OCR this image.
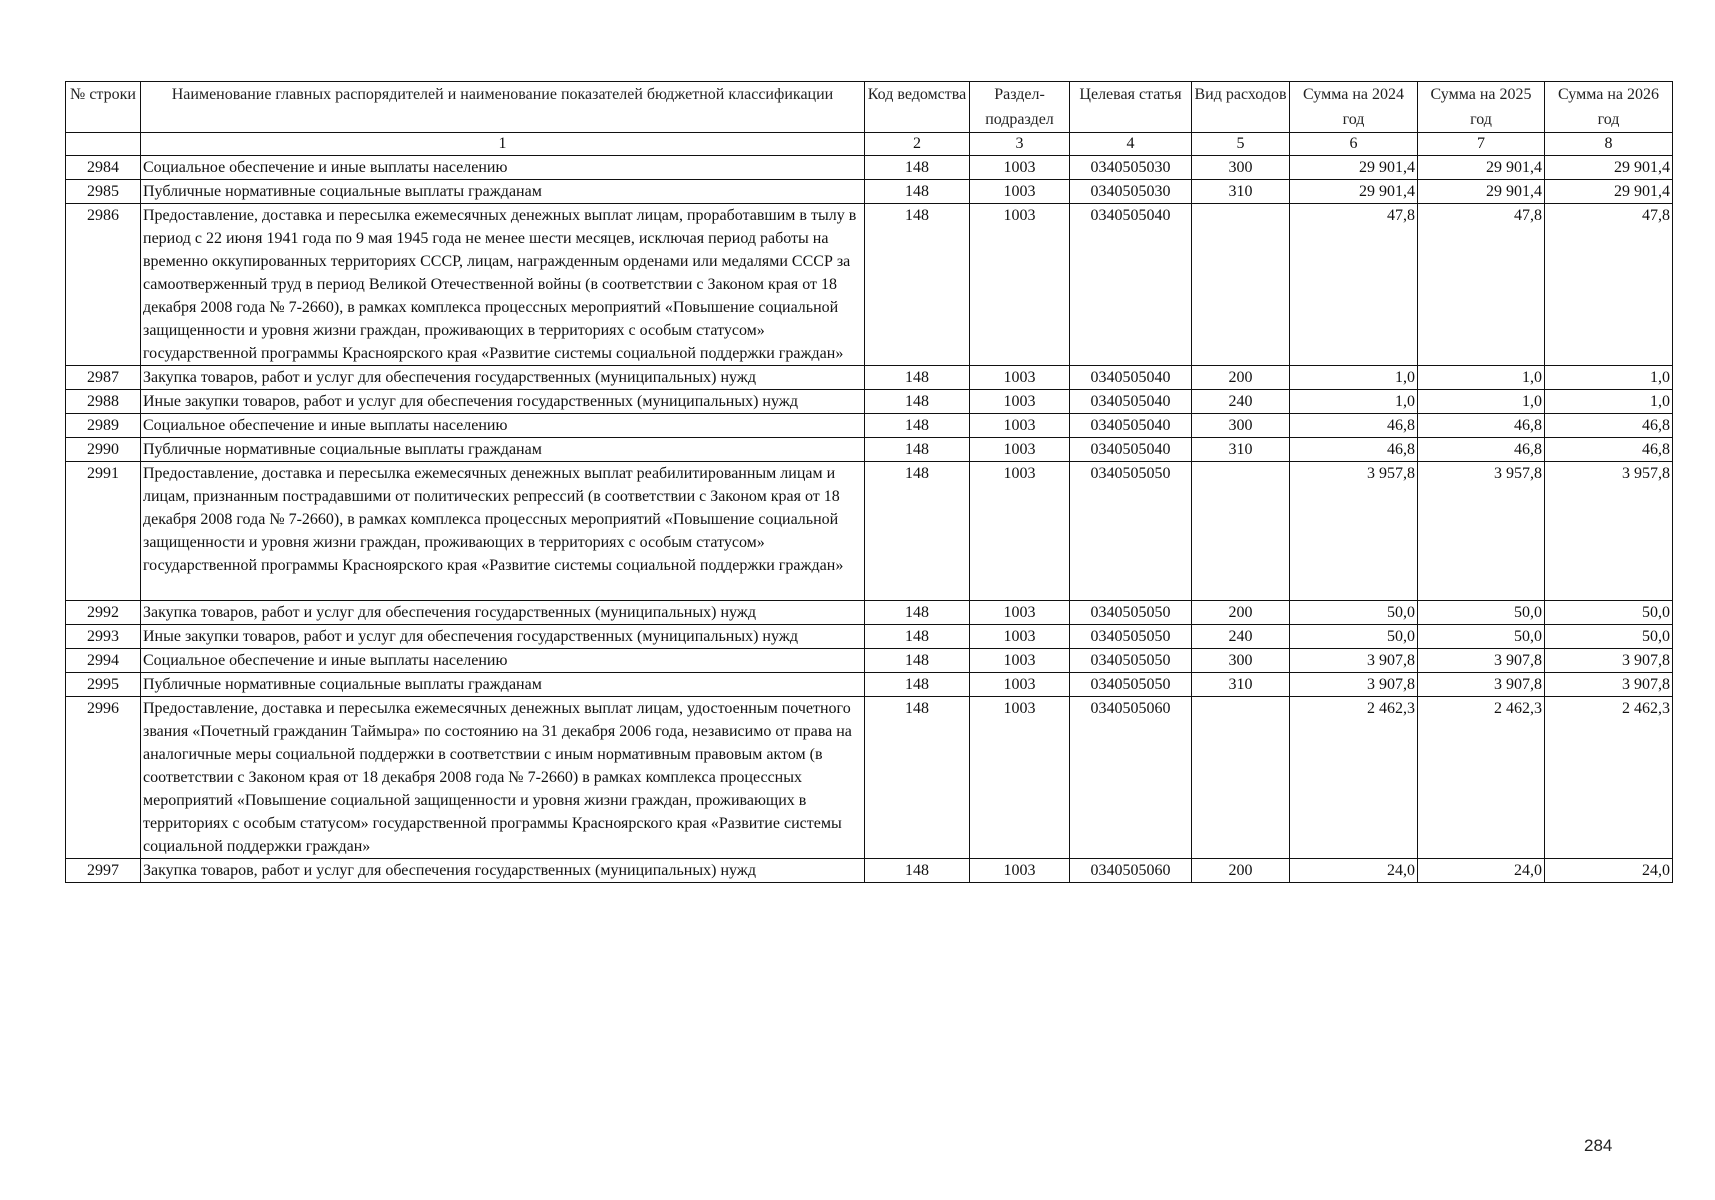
№ строки	Наименование главных распорядителей и наименование показателей бюджетной классификации	Код ведомства	Раздел-подраздел	Целевая статья	Вид расходов	Сумма на 2024 год	Сумма на 2025 год	Сумма на 2026 год
	1	2	3	4	5	6	7	8
2984	Социальное обеспечение и иные выплаты населению	148	1003	0340505030	300	29 901,4	29 901,4	29 901,4
2985	Публичные нормативные социальные выплаты гражданам	148	1003	0340505030	310	29 901,4	29 901,4	29 901,4
2986	Предоставление, доставка и пересылка ежемесячных денежных выплат лицам, проработавшим в тылу в период с 22 июня 1941 года по 9 мая 1945 года не менее шести месяцев, исключая период работы на временно оккупированных территориях СССР, лицам, награжденным орденами или медалями СССР за самоотверженный труд в период Великой Отечественной войны (в соответствии с Законом края от 18 декабря 2008 года № 7-2660), в рамках комплекса процессных мероприятий «Повышение социальной защищенности и уровня жизни граждан, проживающих в территориях с особым статусом» государственной программы Красноярского края «Развитие системы социальной поддержки граждан»	148	1003	0340505040		47,8	47,8	47,8
2987	Закупка товаров, работ и услуг для обеспечения государственных (муниципальных) нужд	148	1003	0340505040	200	1,0	1,0	1,0
2988	Иные закупки товаров, работ и услуг для обеспечения государственных (муниципальных) нужд	148	1003	0340505040	240	1,0	1,0	1,0
2989	Социальное обеспечение и иные выплаты населению	148	1003	0340505040	300	46,8	46,8	46,8
2990	Публичные нормативные социальные выплаты гражданам	148	1003	0340505040	310	46,8	46,8	46,8
2991	Предоставление, доставка и пересылка ежемесячных денежных выплат реабилитированным лицам и лицам, признанным пострадавшими от политических репрессий (в соответствии с Законом края от 18 декабря 2008 года № 7-2660), в рамках комплекса процессных мероприятий «Повышение социальной защищенности и уровня жизни граждан, проживающих в территориях с особым статусом» государственной программы Красноярского края «Развитие системы социальной поддержки граждан»	148	1003	0340505050		3 957,8	3 957,8	3 957,8
2992	Закупка товаров, работ и услуг для обеспечения государственных (муниципальных) нужд	148	1003	0340505050	200	50,0	50,0	50,0
2993	Иные закупки товаров, работ и услуг для обеспечения государственных (муниципальных) нужд	148	1003	0340505050	240	50,0	50,0	50,0
2994	Социальное обеспечение и иные выплаты населению	148	1003	0340505050	300	3 907,8	3 907,8	3 907,8
2995	Публичные нормативные социальные выплаты гражданам	148	1003	0340505050	310	3 907,8	3 907,8	3 907,8
2996	Предоставление, доставка и пересылка ежемесячных денежных выплат лицам, удостоенным почетного звания «Почетный гражданин Таймыра» по состоянию на 31 декабря 2006 года, независимо от права на аналогичные меры социальной поддержки в соответствии с иным нормативным правовым актом (в соответствии с Законом края от 18 декабря 2008 года № 7-2660) в рамках комплекса процессных мероприятий «Повышение социальной защищенности и уровня жизни граждан, проживающих в территориях с особым статусом» государственной программы Красноярского края «Развитие системы социальной поддержки граждан»	148	1003	0340505060		2 462,3	2 462,3	2 462,3
2997	Закупка товаров, работ и услуг для обеспечения государственных (муниципальных) нужд	148	1003	0340505060	200	24,0	24,0	24,0
284
